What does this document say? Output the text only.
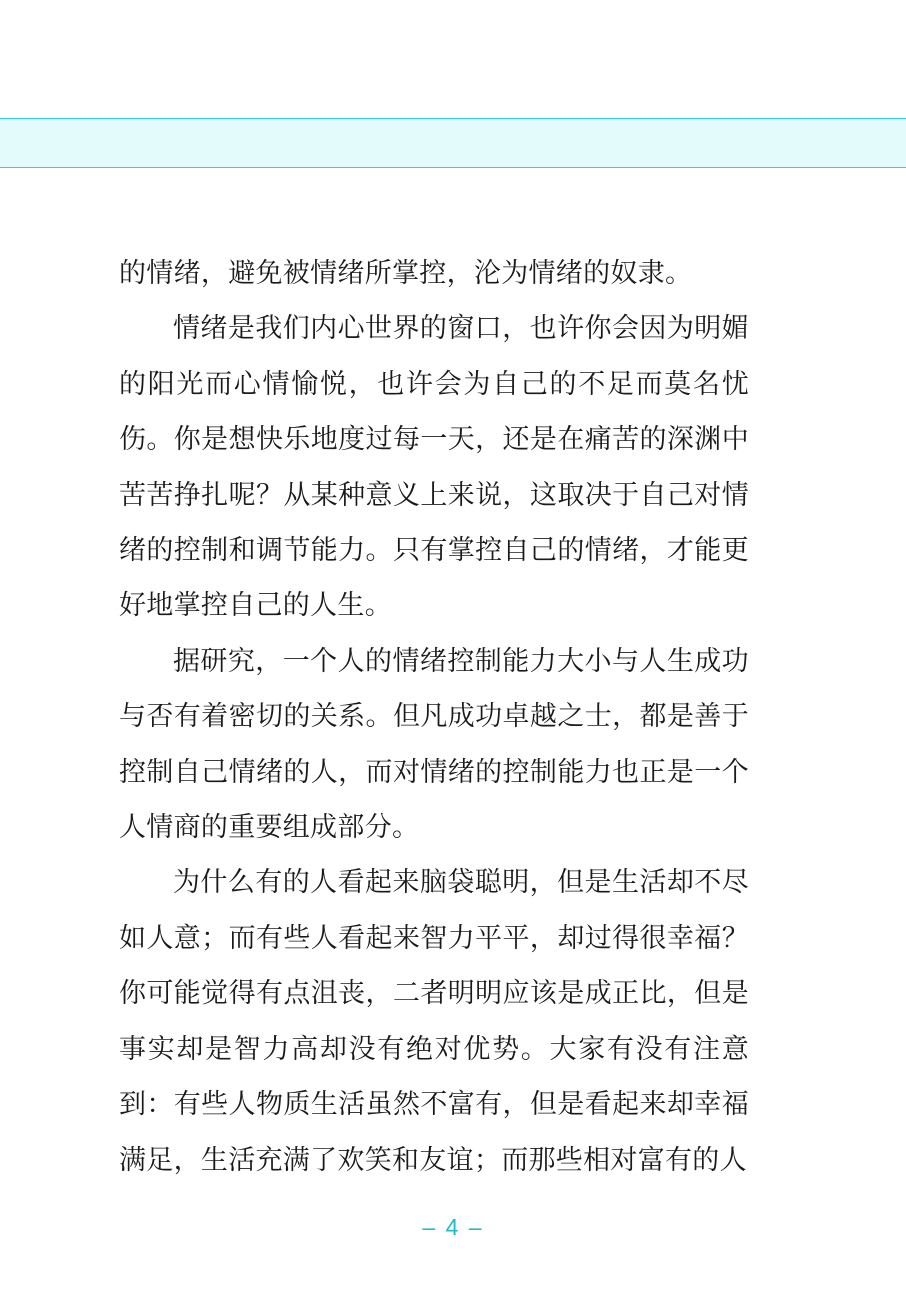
的情绪，避免被情绪所掌控，沦为情绪的奴隶。

情绪是我们内心世界的窗口，也许你会因为明媚的阳光而心情愉悦，也许会为自己的不足而莫名忧伤。你是想快乐地度过每一天，还是在痛苦的深渊中苦苦挣扎呢？从某种意义上来说，这取决于自己对情绪的控制和调节能力。只有掌控自己的情绪，才能更好地掌控自己的人生。

据研究，一个人的情绪控制能力大小与人生成功与否有着密切的关系。但凡成功卓越之士，都是善于控制自己情绪的人，而对情绪的控制能力也正是一个人情商的重要组成部分。

为什么有的人看起来脑袋聪明，但是生活却不尽如人意；而有些人看起来智力平平，却过得很幸福？你可能觉得有点沮丧，二者明明应该是成正比，但是事实却是智力高却没有绝对优势。大家有没有注意到：有些人物质生活虽然不富有，但是看起来却幸福满足，生活充满了欢笑和友谊；而那些相对富有的人

– 4 –
